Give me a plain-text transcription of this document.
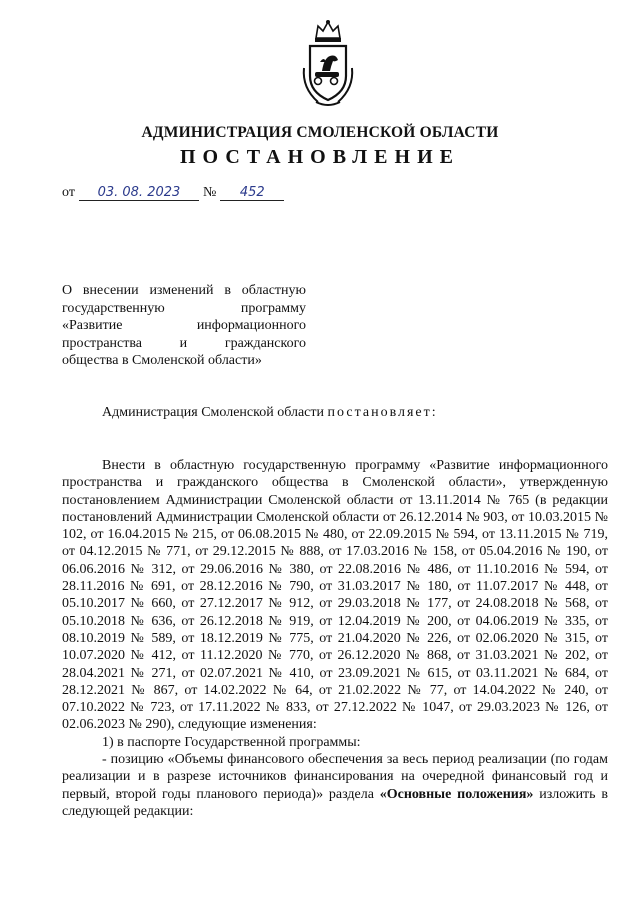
АДМИНИСТРАЦИЯ СМОЛЕНСКОЙ ОБЛАСТИ
ПОСТАНОВЛЕНИЕ
от	03. 08. 2023	№	452
О внесении изменений в областную
государственную программу
«Развитие информационного
пространства и гражданского
общества в Смоленской области»
Администрация Смоленской области постановляет:

Внести в областную государственную программу «Развитие информационного пространства и гражданского общества в Смоленской области», утвержденную постановлением Администрации Смоленской области от 13.11.2014 № 765 (в редакции постановлений Администрации Смоленской области от 26.12.2014 № 903, от 10.03.2015 № 102, от 16.04.2015 № 215, от 06.08.2015 № 480, от 22.09.2015 № 594, от 13.11.2015 № 719, от 04.12.2015 № 771, от 29.12.2015 № 888, от 17.03.2016 № 158, от 05.04.2016 № 190, от 06.06.2016 № 312, от 29.06.2016 № 380, от 22.08.2016 № 486, от 11.10.2016 № 594, от 28.11.2016 № 691, от 28.12.2016 № 790, от 31.03.2017 № 180, от 11.07.2017 № 448, от 05.10.2017 № 660, от 27.12.2017 № 912, от 29.03.2018 № 177, от 24.08.2018 № 568, от 05.10.2018 № 636, от 26.12.2018 № 919, от 12.04.2019 № 200, от 04.06.2019 № 335, от 08.10.2019 № 589, от 18.12.2019 № 775, от 21.04.2020 № 226, от 02.06.2020 № 315, от 10.07.2020 № 412, от 11.12.2020 № 770, от 26.12.2020 № 868, от 31.03.2021 № 202, от 28.04.2021 № 271, от 02.07.2021 № 410, от 23.09.2021 № 615, от 03.11.2021 № 684, от 28.12.2021 № 867, от 14.02.2022 № 64, от 21.02.2022 № 77, от 14.04.2022 № 240, от 07.10.2022 № 723, от 17.11.2022 № 833, от 27.12.2022 № 1047, от 29.03.2023 № 126, от 02.06.2023 № 290), следующие изменения:

1) в паспорте Государственной программы:

- позицию «Объемы финансового обеспечения за весь период реализации (по годам реализации и в разрезе источников финансирования на очередной финансовый год и первый, второй годы планового периода)» раздела «Основные положения» изложить в следующей редакции:
